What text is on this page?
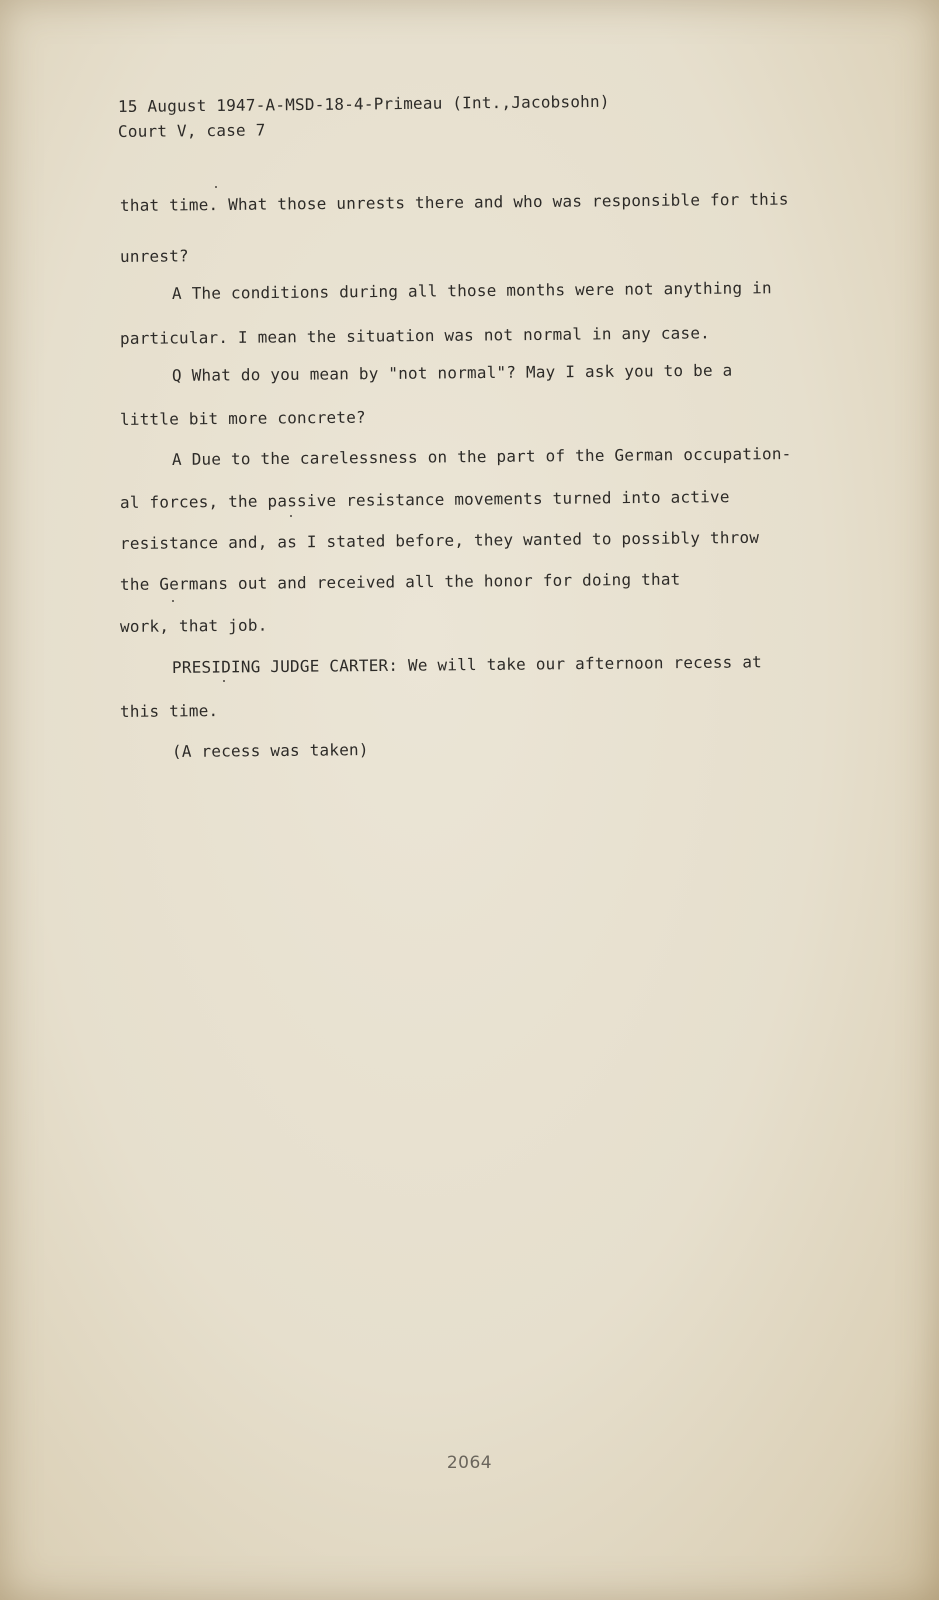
15 August 1947-A-MSD-18-4-Primeau (Int.,Jacobsohn)
Court V, case 7
that time. What those unrests there and who was responsible for this
unrest?
A The conditions during all those months were not anything in
particular. I mean the situation was not normal in any case.
Q What do you mean by "not normal"? May I ask you to be a
little bit more concrete?
A Due to the carelessness on the part of the German occupation-
al forces, the passive resistance movements turned into active
resistance and, as I stated before, they wanted to possibly throw
the Germans out and received all the honor for doing that
work, that job.
PRESIDING JUDGE CARTER: We will take our afternoon recess at
this time.
(A recess was taken)
2064
